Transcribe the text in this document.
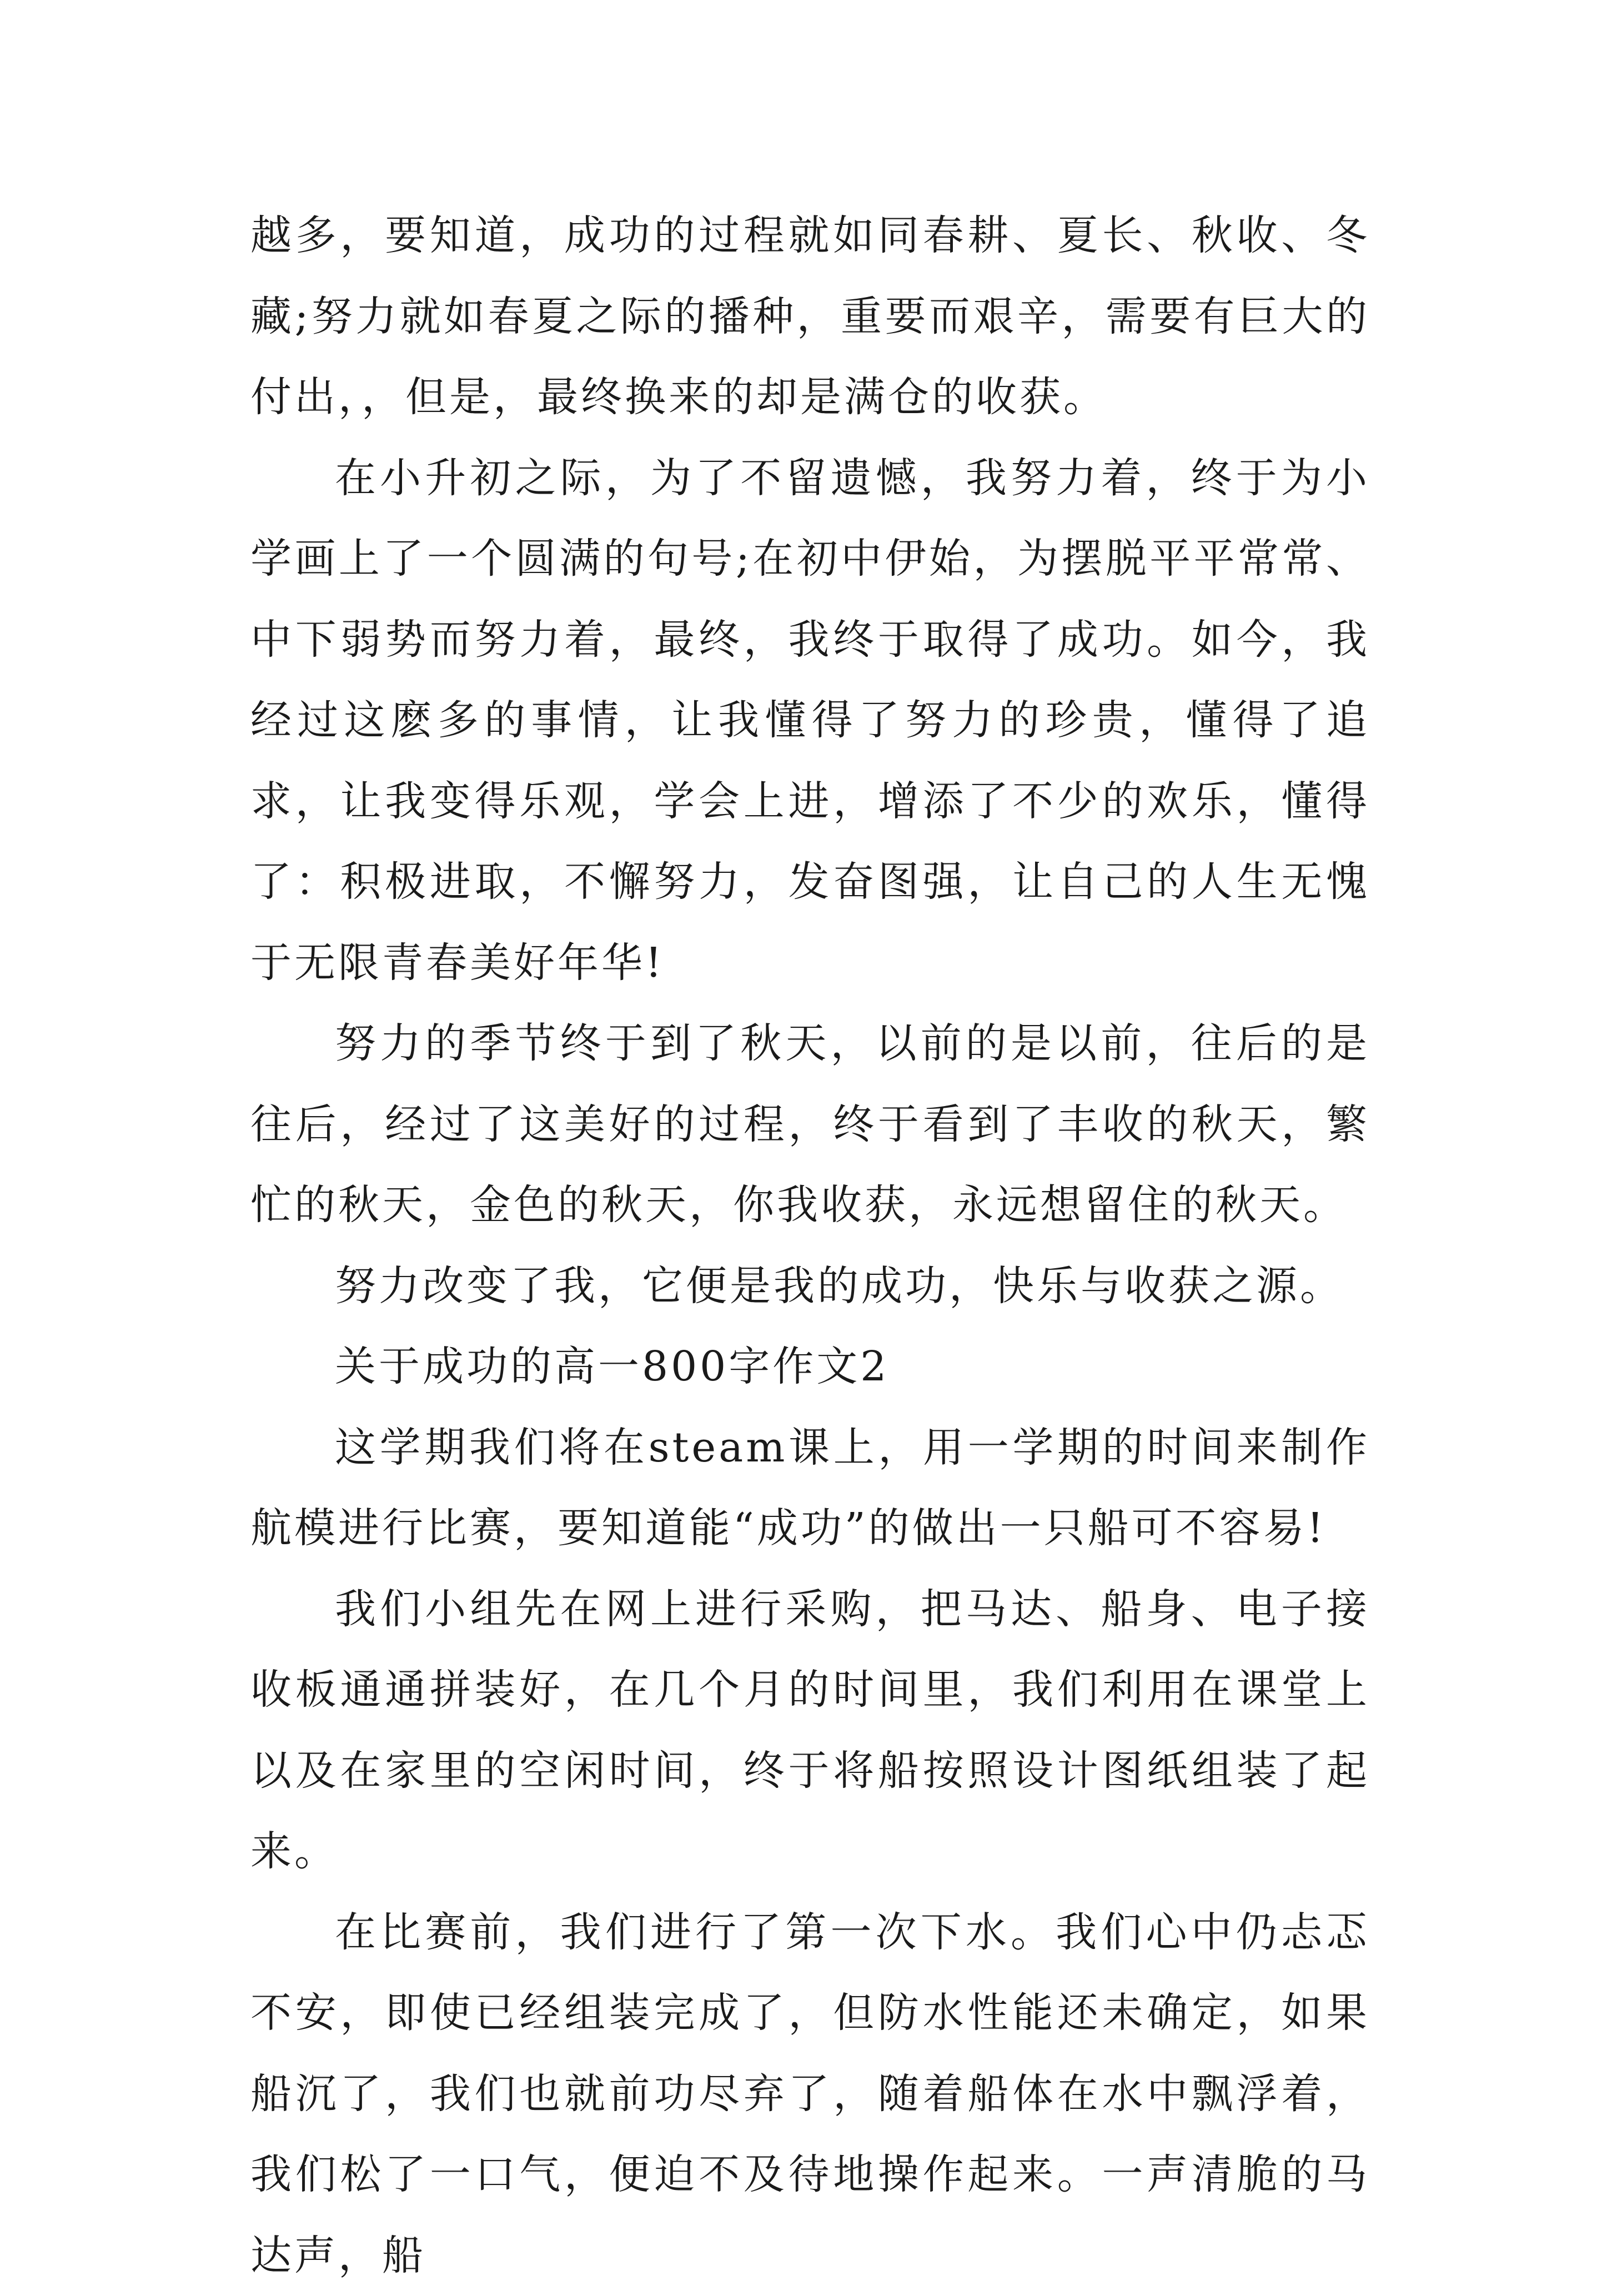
越多，要知道，成功的过程就如同春耕、夏长、秋收、冬藏;努力就如春夏之际的播种，重要而艰辛，需要有巨大的付出，，但是，最终换来的却是满仓的收获。

在小升初之际，为了不留遗憾，我努力着，终于为小学画上了一个圆满的句号;在初中伊始，为摆脱平平常常、中下弱势而努力着，最终，我终于取得了成功。如今，我经过这麽多的事情，让我懂得了努力的珍贵，懂得了追求，让我变得乐观，学会上进，增添了不少的欢乐，懂得了：积极进取，不懈努力，发奋图强，让自己的人生无愧于无限青春美好年华!

努力的季节终于到了秋天，以前的是以前，往后的是往后，经过了这美好的过程，终于看到了丰收的秋天，繁忙的秋天，金色的秋天，你我收获，永远想留住的秋天。

努力改变了我，它便是我的成功，快乐与收获之源。

关于成功的高一800字作文2

这学期我们将在steam课上，用一学期的时间来制作航模进行比赛，要知道能“成功”的做出一只船可不容易!

我们小组先在网上进行采购，把马达、船身、电子接收板通通拼装好，在几个月的时间里，我们利用在课堂上以及在家里的空闲时间，终于将船按照设计图纸组装了起来。

在比赛前，我们进行了第一次下水。我们心中仍忐忑不安，即使已经组装完成了，但防水性能还未确定，如果船沉了，我们也就前功尽弃了，随着船体在水中飘浮着，我们松了一口气，便迫不及待地操作起来。一声清脆的马达声，船
